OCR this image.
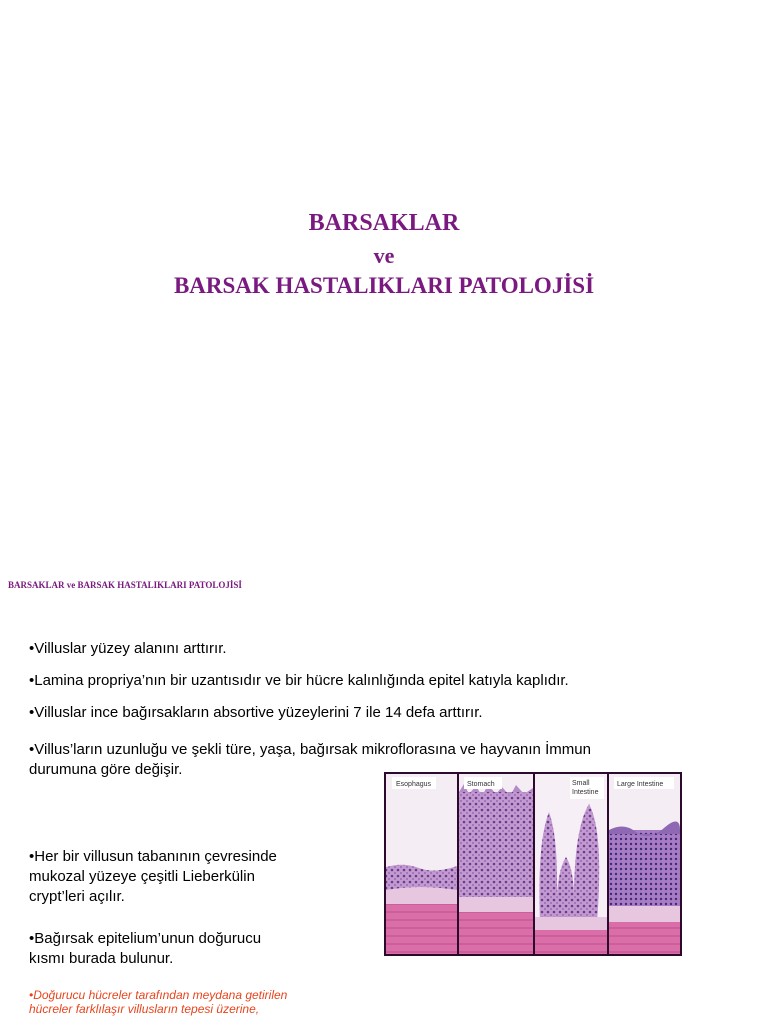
BARSAKLAR
ve
BARSAK HASTALIKLARI PATOLOJİSİ
BARSAKLAR ve BARSAK HASTALIKLARI PATOLOJİSİ
•Villuslar yüzey alanını arttırır.
•Lamina propriya’nın bir uzantısıdır ve bir hücre kalınlığında epitel katıyla kaplıdır.
•Villuslar ince bağırsakların absortive yüzeylerini 7 ile 14 defa arttırır.
•Villus’ların uzunluğu ve şekli türe, yaşa, bağırsak mikroflorasına ve hayvanın İmmun
durumuna göre değişir.
•Her bir villusun tabanının çevresinde
mukozal yüzeye çeşitli Lieberkülin
crypt’leri açılır.
•Bağırsak epitelium’unun doğurucu
kısmı burada bulunur.
•Doğurucu hücreler tarafından meydana getirilen
hücreler farklılaşır villusların tepesi üzerine,
Esophagus	Stomach	Small
Intestine
Large Intestine
